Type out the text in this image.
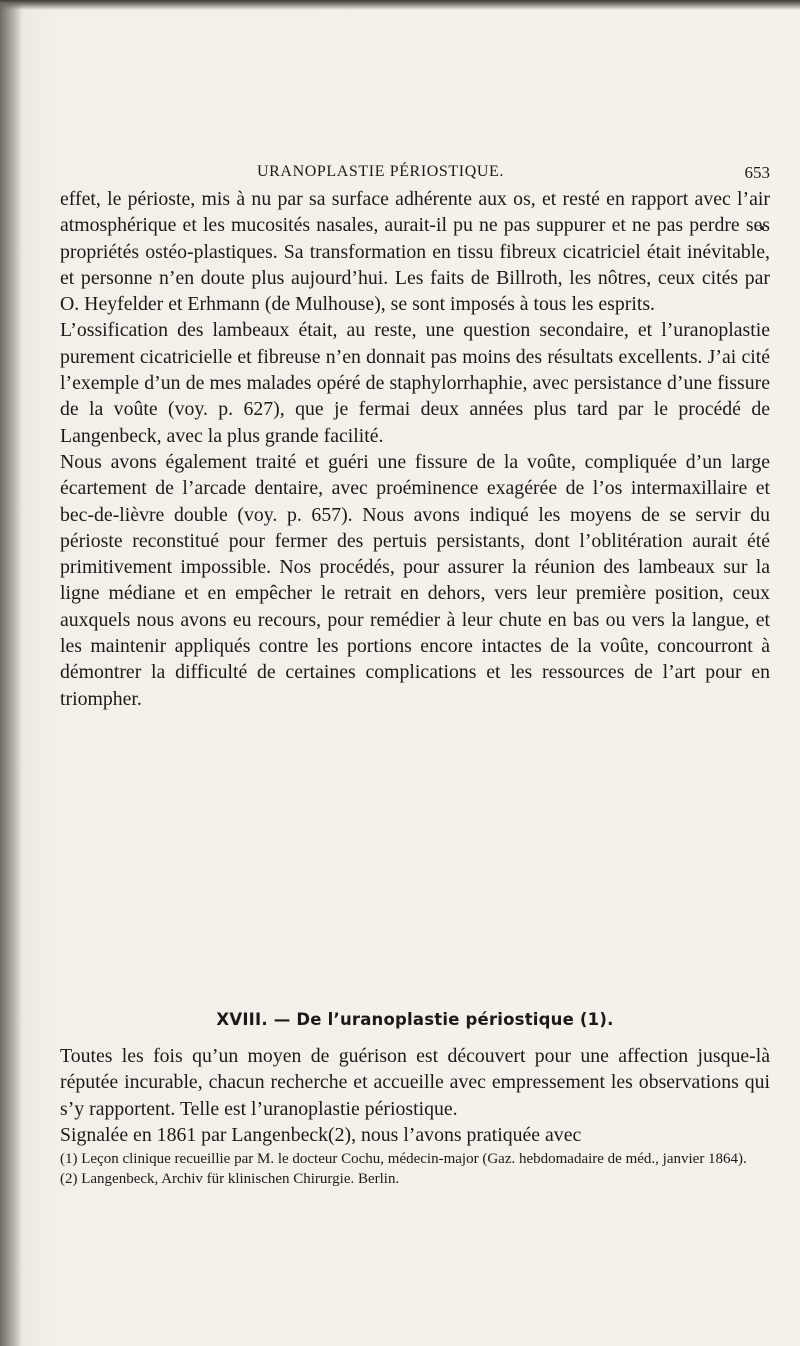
URANOPLASTIE PÉRIOSTIQUE.	653

effet, le périoste, mis à nu par sa surface adhérente aux os, et resté en rapport avec l’air atmosphérique et les mucosités nasales, aurait-il pu ne pas suppurer et ne pas perdre ses propriétés ostéo-plastiques. Sa transformation en tissu fibreux cicatriciel était inévitable, et personne n’en doute plus aujourd’hui. Les faits de Billroth, les nôtres, ceux cités par O. Heyfelder et Erhmann (de Mulhouse), se sont imposés à tous les esprits.

L’ossification des lambeaux était, au reste, une question secondaire, et l’uranoplastie purement cicatricielle et fibreuse n’en donnait pas moins des résultats excellents. J’ai cité l’exemple d’un de mes malades opéré de staphylorrhaphie, avec persistance d’une fissure de la voûte (voy. p. 627), que je fermai deux années plus tard par le procédé de Langenbeck, avec la plus grande facilité.

Nous avons également traité et guéri une fissure de la voûte, compliquée d’un large écartement de l’arcade dentaire, avec proéminence exagérée de l’os intermaxillaire et bec-de-lièvre double (voy. p. 657). Nous avons indiqué les moyens de se servir du périoste reconstitué pour fermer des pertuis persistants, dont l’oblitération aurait été primitivement impossible. Nos procédés, pour assurer la réunion des lambeaux sur la ligne médiane et en empêcher le retrait en dehors, vers leur première position, ceux auxquels nous avons eu recours, pour remédier à leur chute en bas ou vers la langue, et les maintenir appliqués contre les portions encore intactes de la voûte, concourront à démontrer la difficulté de certaines complications et les ressources de l’art pour en triompher.

XVIII. — De l’uranoplastie périostique (1).

Toutes les fois qu’un moyen de guérison est découvert pour une affection jusque-là réputée incurable, chacun recherche et accueille avec empressement les observations qui s’y rapportent. Telle est l’uranoplastie périostique.

Signalée en 1861 par Langenbeck(2), nous l’avons pratiquée avec

(1) Leçon clinique recueillie par M. le docteur Cochu, médecin-major (Gaz. hebdomadaire de méd., janvier 1864).

(2) Langenbeck, Archiv für klinischen Chirurgie. Berlin.
